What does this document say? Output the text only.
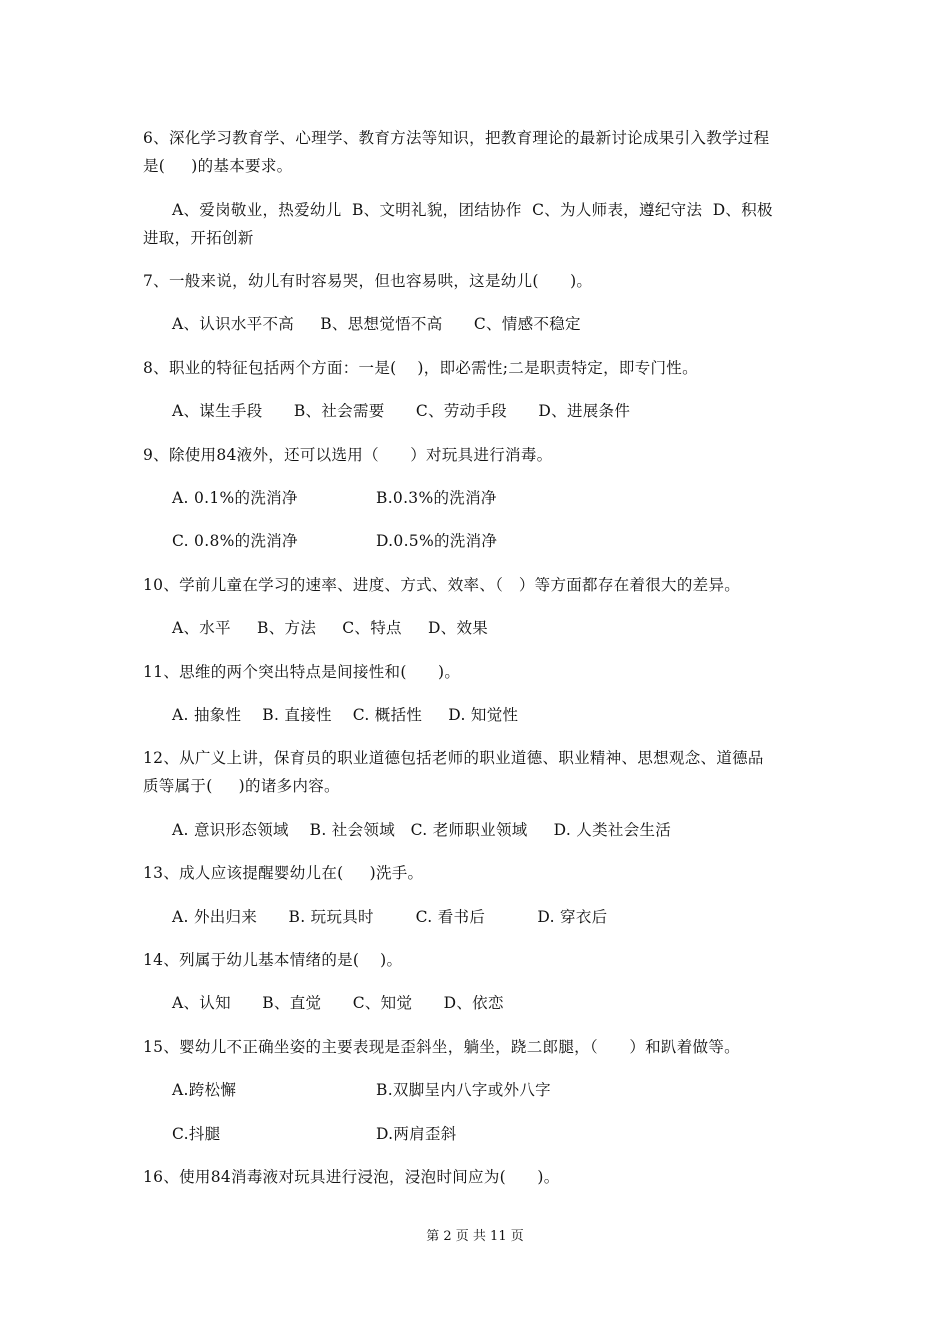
6、深化学习教育学、心理学、教育方法等知识，把教育理论的最新讨论成果引入教学过程
是(     )的基本要求。
A、爱岗敬业，热爱幼儿  B、文明礼貌，团结协作  C、为人师表，遵纪守法  D、积极
进取，开拓创新
7、一般来说，幼儿有时容易哭，但也容易哄，这是幼儿(      )。
A、认识水平不高     B、思想觉悟不高      C、情感不稳定
8、职业的特征包括两个方面：一是(    )，即必需性;二是职责特定，即专门性。
A、谋生手段      B、社会需要      C、劳动手段      D、进展条件
9、除使用84液外，还可以选用（      ）对玩具进行消毒。
A. 0.1%的洗消净	B.0.3%的洗消净
C. 0.8%的洗消净	D.0.5%的洗消净
10、学前儿童在学习的速率、进度、方式、效率、（   ）等方面都存在着很大的差异。
A、水平     B、方法     C、特点     D、效果
11、思维的两个突出特点是间接性和(      )。
A. 抽象性    B. 直接性    C. 概括性     D. 知觉性
12、从广义上讲，保育员的职业道德包括老师的职业道德、职业精神、思想观念、道德品
质等属于(     )的诸多内容。
A. 意识形态领域    B. 社会领域   C. 老师职业领域     D. 人类社会生活
13、成人应该提醒婴幼儿在(     )洗手。
A. 外出归来      B. 玩玩具时        C. 看书后          D. 穿衣后
14、列属于幼儿基本情绪的是(    )。
A、认知      B、直觉      C、知觉      D、依恋
15、婴幼儿不正确坐姿的主要表现是歪斜坐，躺坐，跷二郎腿，（      ）和趴着做等。
A.跨松懈	B.双脚呈内八字或外八字
C.抖腿	D.两肩歪斜
16、使用84消毒液对玩具进行浸泡，浸泡时间应为(      )。
第 2 页 共 11 页
